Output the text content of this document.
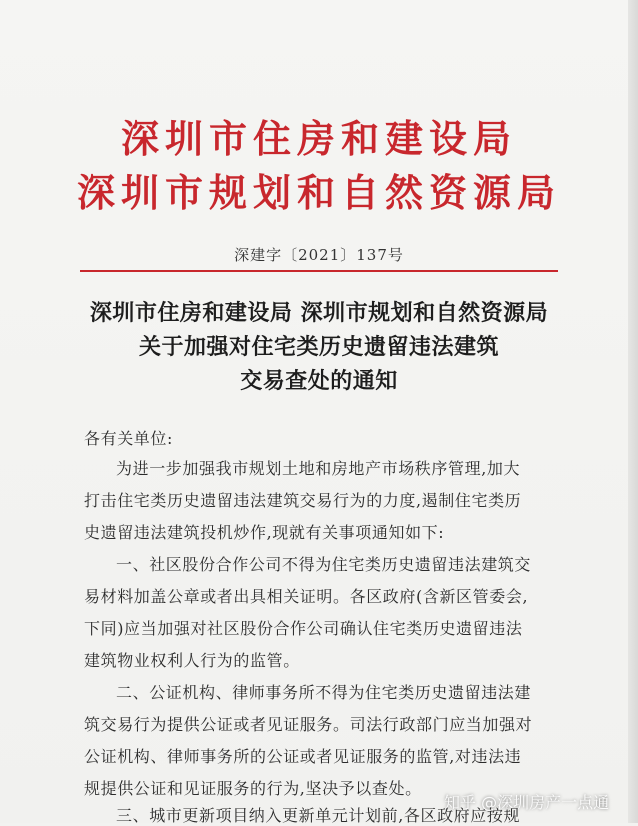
深圳市住房和建设局
深圳市规划和自然资源局
深建字〔2021〕137号
深圳市住房和建设局 深圳市规划和自然资源局
关于加强对住宅类历史遗留违法建筑
交易查处的通知
各有关单位:
为进一步加强我市规划土地和房地产市场秩序管理,加大
打击住宅类历史遗留违法建筑交易行为的力度,遏制住宅类历
史遗留违法建筑投机炒作,现就有关事项通知如下:
一、社区股份合作公司不得为住宅类历史遗留违法建筑交
易材料加盖公章或者出具相关证明。各区政府(含新区管委会,
下同)应当加强对社区股份合作公司确认住宅类历史遗留违法
建筑物业权利人行为的监管。
二、公证机构、律师事务所不得为住宅类历史遗留违法建
筑交易行为提供公证或者见证服务。司法行政部门应当加强对
公证机构、律师事务所的公证或者见证服务的监管,对违法违
规提供公证和见证服务的行为,坚决予以查处。
三、城市更新项目纳入更新单元计划前,各区政府应按规
知乎 @深圳房产一点通
